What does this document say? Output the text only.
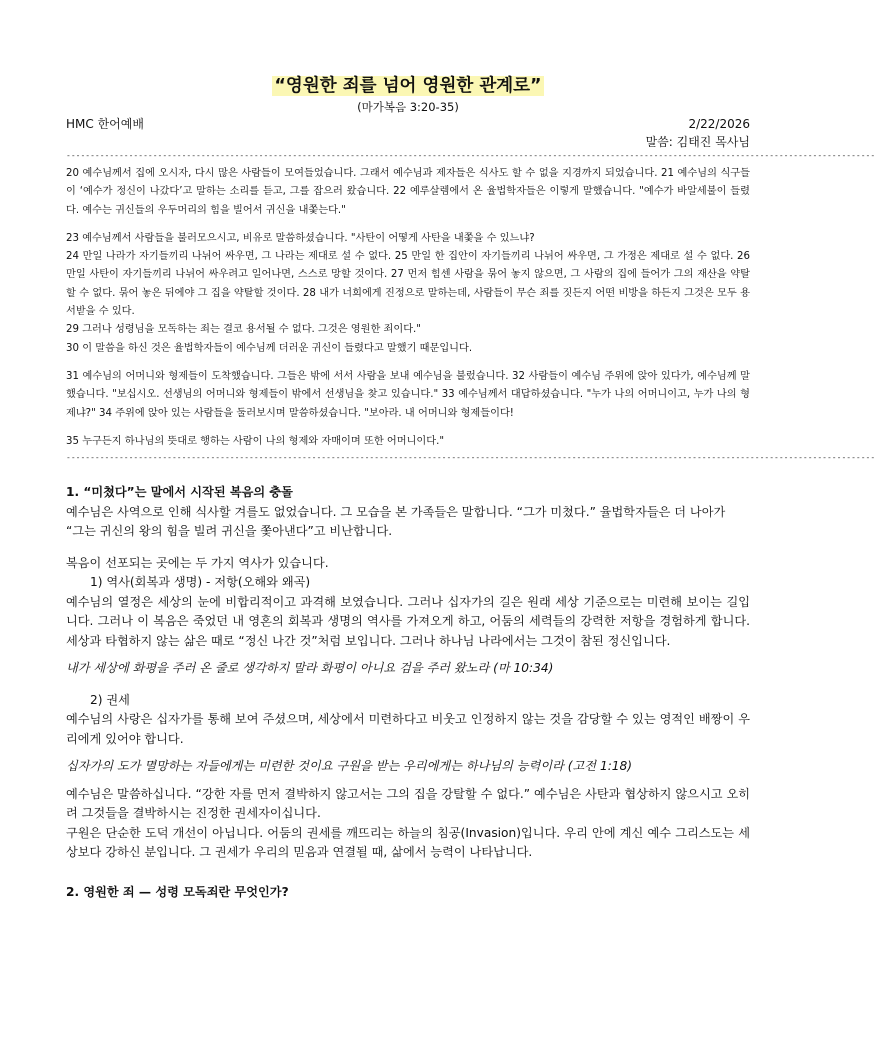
“영원한 죄를 넘어 영원한 관계로”
(마가복음 3:20-35)
HMC 한어예배	2/22/2026
말씀: 김태진 목사님
------------------------------------------------------------------------------------------------------------------------------------------------------------------------

20 예수님께서 집에 오시자, 다시 많은 사람들이 모여들었습니다. 그래서 예수님과 제자들은 식사도 할 수 없을 지경까지 되었습니다. 21 예수님의 식구들이 ‘예수가 정신이 나갔다’고 말하는 소리를 듣고, 그를 잡으러 왔습니다. 22 예루살렘에서 온 율법학자들은 이렇게 말했습니다. "예수가 바알세불이 들렸다. 예수는 귀신들의 우두머리의 힘을 빌어서 귀신을 내쫓는다."

23 예수님께서 사람들을 불러모으시고, 비유로 말씀하셨습니다. "사탄이 어떻게 사탄을 내쫓을 수 있느냐?

24 만일 나라가 자기들끼리 나뉘어 싸우면, 그 나라는 제대로 설 수 없다. 25 만일 한 집안이 자기들끼리 나뉘어 싸우면, 그 가정은 제대로 설 수 없다. 26 만일 사탄이 자기들끼리 나뉘어 싸우려고 일어나면, 스스로 망할 것이다. 27 먼저 힘센 사람을 묶어 놓지 않으면, 그 사람의 집에 들어가 그의 재산을 약탈할 수 없다. 묶어 놓은 뒤에야 그 집을 약탈할 것이다. 28 내가 너희에게 진정으로 말하는데, 사람들이 무슨 죄를 짓든지 어떤 비방을 하든지 그것은 모두 용서받을 수 있다.

29 그러나 성령님을 모독하는 죄는 결코 용서될 수 없다. 그것은 영원한 죄이다."

30 이 말씀을 하신 것은 율법학자들이 예수님께 더러운 귀신이 들렸다고 말했기 때문입니다.

31 예수님의 어머니와 형제들이 도착했습니다. 그들은 밖에 서서 사람을 보내 예수님을 불렀습니다. 32 사람들이 예수님 주위에 앉아 있다가, 예수님께 말했습니다. "보십시오. 선생님의 어머니와 형제들이 밖에서 선생님을 찾고 있습니다." 33 예수님께서 대답하셨습니다. "누가 나의 어머니이고, 누가 나의 형제냐?" 34 주위에 앉아 있는 사람들을 둘러보시며 말씀하셨습니다. "보아라. 내 어머니와 형제들이다!

35 누구든지 하나님의 뜻대로 행하는 사람이 나의 형제와 자매이며 또한 어머니이다."

------------------------------------------------------------------------------------------------------------------------------------------------------------------------

1. “미쳤다”는 말에서 시작된 복음의 충돌

예수님은 사역으로 인해 식사할 겨를도 없었습니다. 그 모습을 본 가족들은 말합니다. “그가 미쳤다.” 율법학자들은 더 나아가

“그는 귀신의 왕의 힘을 빌려 귀신을 쫓아낸다”고 비난합니다.

복음이 선포되는 곳에는 두 가지 역사가 있습니다.

1) 역사(회복과 생명) - 저항(오해와 왜곡)

예수님의 열정은 세상의 눈에 비합리적이고 과격해 보였습니다. 그러나 십자가의 길은 원래 세상 기준으로는 미련해 보이는 길입니다. 그러나 이 복음은 죽었던 내 영혼의 회복과 생명의 역사를 가져오게 하고, 어둠의 세력들의 강력한 저항을 경험하게 합니다. 세상과 타협하지 않는 삶은 때로 “정신 나간 것”처럼 보입니다. 그러나 하나님 나라에서는 그것이 참된 정신입니다.

내가 세상에 화평을 주러 온 줄로 생각하지 말라 화평이 아니요 검을 주러 왔노라 (마 10:34)

2) 권세

예수님의 사랑은 십자가를 통해 보여 주셨으며, 세상에서 미련하다고 비웃고 인정하지 않는 것을 감당할 수 있는 영적인 배짱이 우리에게 있어야 합니다.

십자가의 도가 멸망하는 자들에게는 미련한 것이요 구원을 받는 우리에게는 하나님의 능력이라 (고전 1:18)

예수님은 말씀하십니다. “강한 자를 먼저 결박하지 않고서는 그의 집을 강탈할 수 없다.” 예수님은 사탄과 협상하지 않으시고 오히려 그것들을 결박하시는 진정한 권세자이십니다.

구원은 단순한 도덕 개선이 아닙니다. 어둠의 권세를 깨뜨리는 하늘의 침공(Invasion)입니다. 우리 안에 계신 예수 그리스도는 세상보다 강하신 분입니다. 그 권세가 우리의 믿음과 연결될 때, 삶에서 능력이 나타납니다.

2. 영원한 죄 — 성령 모독죄란 무엇인가?
